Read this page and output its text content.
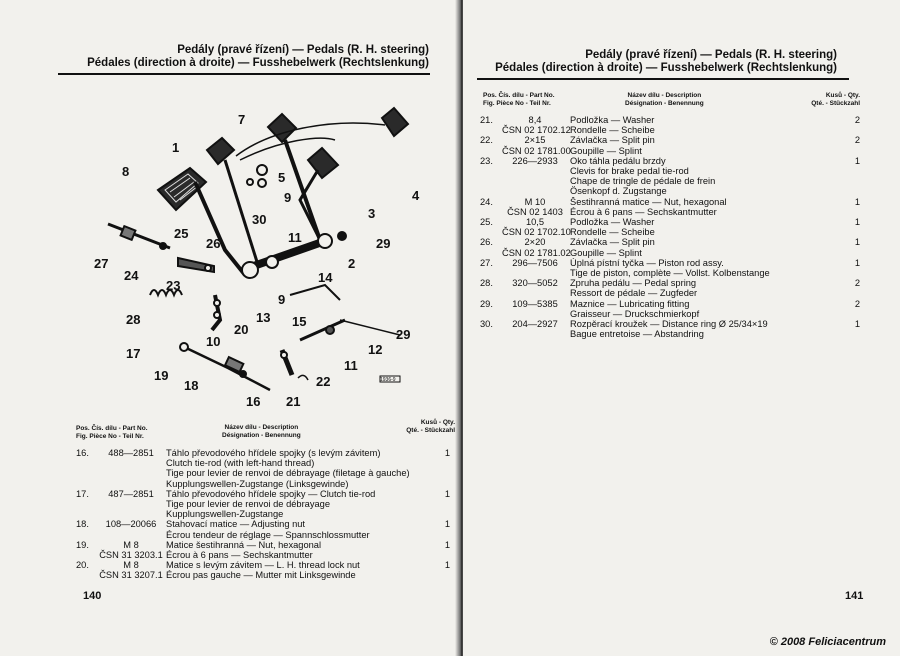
Pedály (pravé řízení) — Pedals (R. H. steering)
Pédales (direction à droite) — Fusshebelwerk (Rechtslenkung)
1
2
3
4
5
7
8
9
9
10
11
11
12
13
14
15
16
17
18
19
20
21
22
23
24
25
26
27
28
29
29
30
1936-9
Pos. Čís. dílu - Part No.
Fig. Pièce No - Teil Nr.
Název dílu - Description
Désignation - Benennung
Kusů - Qty.
Qté. - Stückzahl
16.	488—2851	Táhlo převodového hřídele spojky (s levým závitem)	1
Clutch tie-rod (with left-hand thread)
Tige pour levier de renvoi de débrayage (filetage à gauche)
Kupplungswellen-Zugstange (Linksgewinde)
17.	487—2851	Táhlo převodového hřídele spojky — Clutch tie-rod	1
Tige pour levier de renvoi de débrayage
Kupplungswellen-Zugstange
18.	108—20066	Stahovací matice — Adjusting nut	1
Écrou tendeur de réglage — Spannschlossmutter
19.	M 8	Matice šestihranná — Nut, hexagonal	1
ČSN 31 3203.1 Écrou à 6 pans — Sechskantmutter
20.	M 8	Matice s levým závitem — L. H. thread lock nut	1
ČSN 31 3207.1 Écrou pas gauche — Mutter mit Linksgewinde
140
Pedály (pravé řízení) — Pedals (R. H. steering)
Pédales (direction à droite) — Fusshebelwerk (Rechtslenkung)
Pos. Čís. dílu - Part No.
Fig. Pièce No - Teil Nr.
Název dílu - Description
Désignation - Benennung
Kusů - Qty.
Qté. - Stückzahl
21.	8,4	Podložka — Washer	2
ČSN 02 1702.12 Rondelle — Scheibe
22.	2×15	Závlačka — Split pin	2
ČSN 02 1781.00 Goupille — Splint
23.	226—2933	Oko táhla pedálu brzdy	1
Clevis for brake pedal tie-rod
Chape de tringle de pédale de frein
Ösenkopf d. Zugstange
24.	M 10	Šestihranná matice — Nut, hexagonal	1
ČSN 02 1403 Écrou à 6 pans — Sechskantmutter
25.	10,5	Podložka — Washer	1
ČSN 02 1702.10 Rondelle — Scheibe
26.	2×20	Závlačka — Split pin	1
ČSN 02 1781.02 Goupille — Splint
27.	296—7506	Úplná pístní tyčka — Piston rod assy.	1
Tige de piston, complète — Vollst. Kolbenstange
28.	320—5052	Zpruha pedálu — Pedal spring	2
Ressort de pédale — Zugfeder
29.	109—5385	Maznice — Lubricating fitting	2
Graisseur — Druckschmierkopf
30.	204—2927	Rozpěrací kroužek — Distance ring Ø 25/34×19	1
Bague entretoise — Abstandring
141
© 2008 Feliciacentrum
